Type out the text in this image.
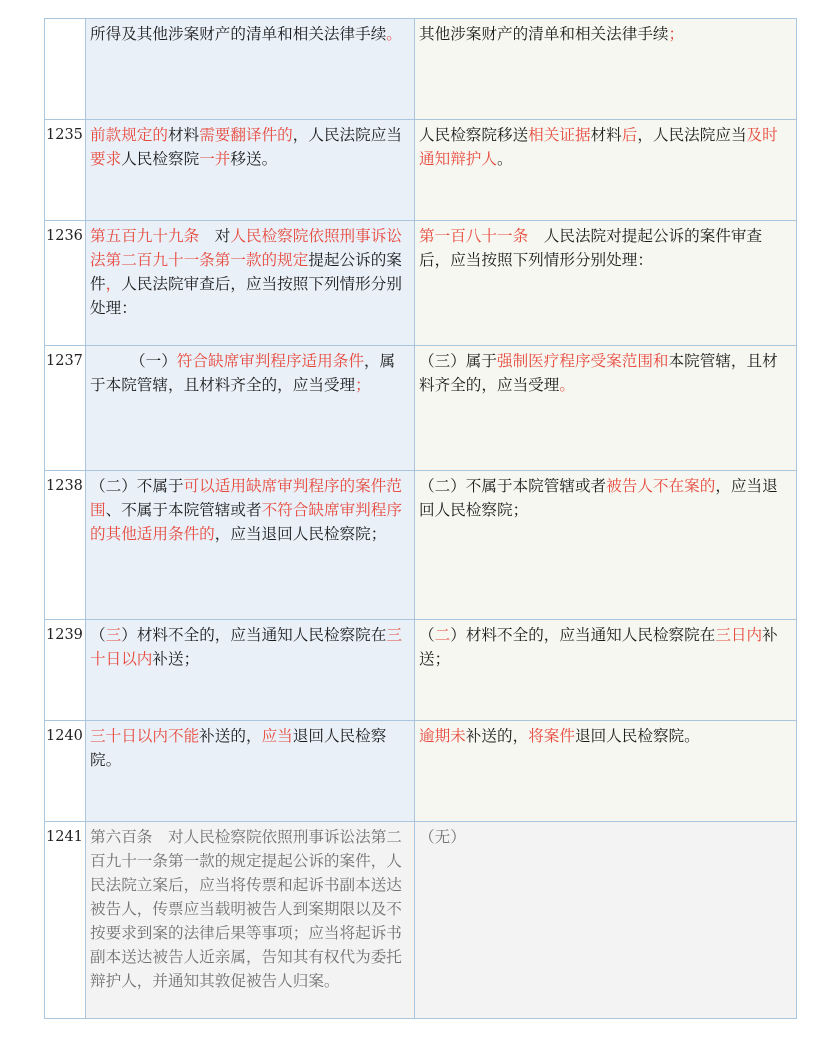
	所得及其他涉案财产的清单和相关法律手续。	其他涉案财产的清单和相关法律手续；
1235	前款规定的材料需要翻译件的，人民法院应当要求人民检察院一并移送。	人民检察院移送相关证据材料后，人民法院应当及时通知辩护人。
1236	第五百九十九条　对人民检察院依照刑事诉讼法第二百九十一条第一款的规定提起公诉的案件，人民法院审查后，应当按照下列情形分别处理：	第一百八十一条　人民法院对提起公诉的案件审查后，应当按照下列情形分别处理：
1237	（一）符合缺席审判程序适用条件，属于本院管辖，且材料齐全的，应当受理；	（三）属于强制医疗程序受案范围和本院管辖，且材料齐全的，应当受理。
1238	（二）不属于可以适用缺席审判程序的案件范围、不属于本院管辖或者不符合缺席审判程序的其他适用条件的，应当退回人民检察院；	（二）不属于本院管辖或者被告人不在案的，应当退回人民检察院；
1239	（三）材料不全的，应当通知人民检察院在三十日以内补送；	（二）材料不全的，应当通知人民检察院在三日内补送；
1240	三十日以内不能补送的，应当退回人民检察院。	逾期未补送的，将案件退回人民检察院。
1241	第六百条　对人民检察院依照刑事诉讼法第二百九十一条第一款的规定提起公诉的案件，人民法院立案后，应当将传票和起诉书副本送达被告人，传票应当载明被告人到案期限以及不按要求到案的法律后果等事项；应当将起诉书副本送达被告人近亲属，告知其有权代为委托辩护人，并通知其敦促被告人归案。	（无）
